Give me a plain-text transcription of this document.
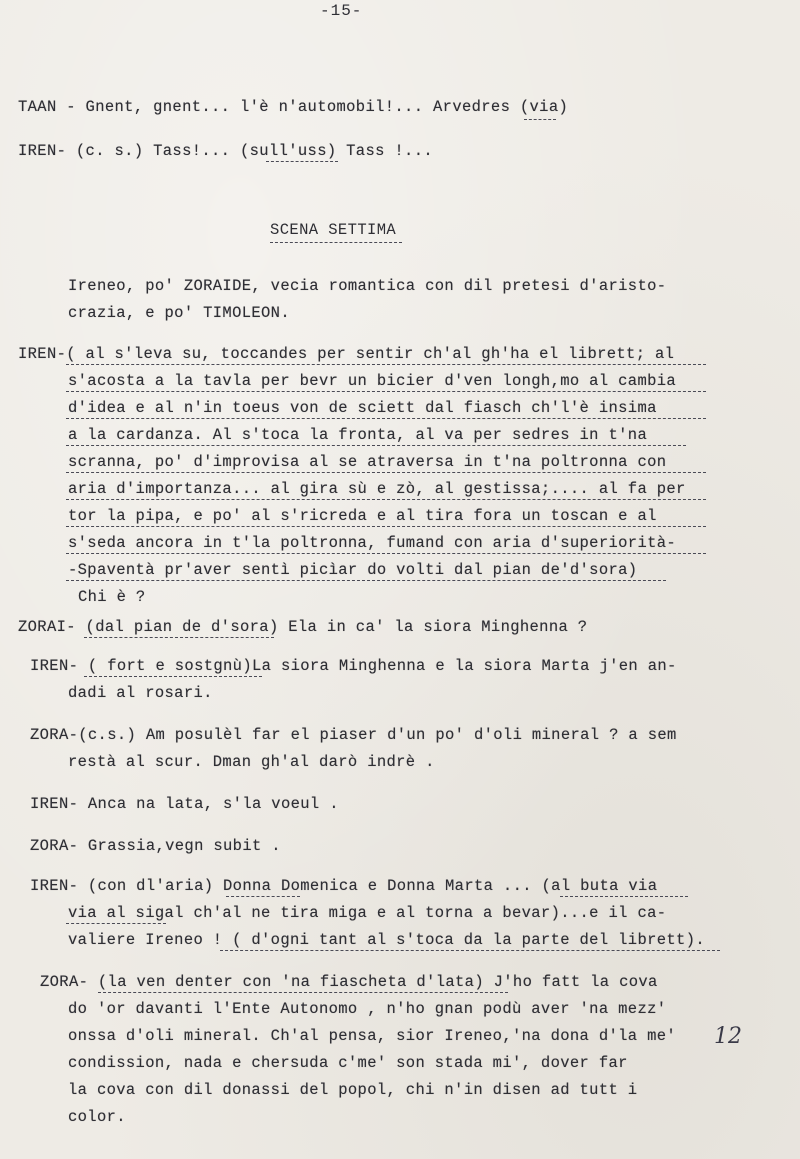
-15-
TAAN - Gnent, gnent... l'è n'automobil!... Arvedres (via)
IREN- (c. s.) Tass!... (sull'uss) Tass !...
SCENA SETTIMA
Ireneo, po' ZORAIDE, vecia romantica con dil pretesi d'aristo-
crazia, e po' TIMOLEON.
IREN-( al s'leva su, toccandes per sentir ch'al gh'ha el librett; al
s'acosta a la tavla per bevr un bicier d'ven longh,mo al cambia
d'idea e al n'in toeus von de sciett dal fiasch ch'l'è insima
a la cardanza. Al s'toca la fronta, al va per sedres in t'na
scranna, po' d'improvisa al se atraversa in t'na poltronna con
aria d'importanza... al gira sù e zò, al gestissa;.... al fa per
tor la pipa, e po' al s'ricreda e al tira fora un toscan e al
s'seda ancora in t'la poltronna, fumand con aria d'superiorità-
-Spaventà pr'aver sentì picìar do volti dal pian de'd'sora)
Chi è ?
ZORAI- (dal pian de d'sora) Ela in ca' la siora Minghenna ?
IREN- ( fort e sostgnù)La siora Minghenna e la siora Marta j'en an-
dadi al rosari.
ZORA-(c.s.) Am posulèl far el piaser d'un po' d'oli mineral ? a sem
restà al scur. Dman gh'al darò indrè .
IREN- Anca na lata, s'la voeul .
ZORA- Grassia,vegn subit .
IREN- (con dl'aria) Donna Domenica e Donna Marta ... (al buta via
via al sigal ch'al ne tira miga e al torna a bevar)...e il ca-
valiere Ireneo ! ( d'ogni tant al s'toca da la parte del librett).
ZORA- (la ven denter con 'na fiascheta d'lata) J'ho fatt la cova
do 'or davanti l'Ente Autonomo , n'ho gnan podù aver 'na mezz'
onssa d'oli mineral. Ch'al pensa, sior Ireneo,'na dona d'la me'
condission, nada e chersuda c'me' son stada mi', dover far
la cova con dil donassi del popol, chi n'in disen ad tutt i
color.
12
